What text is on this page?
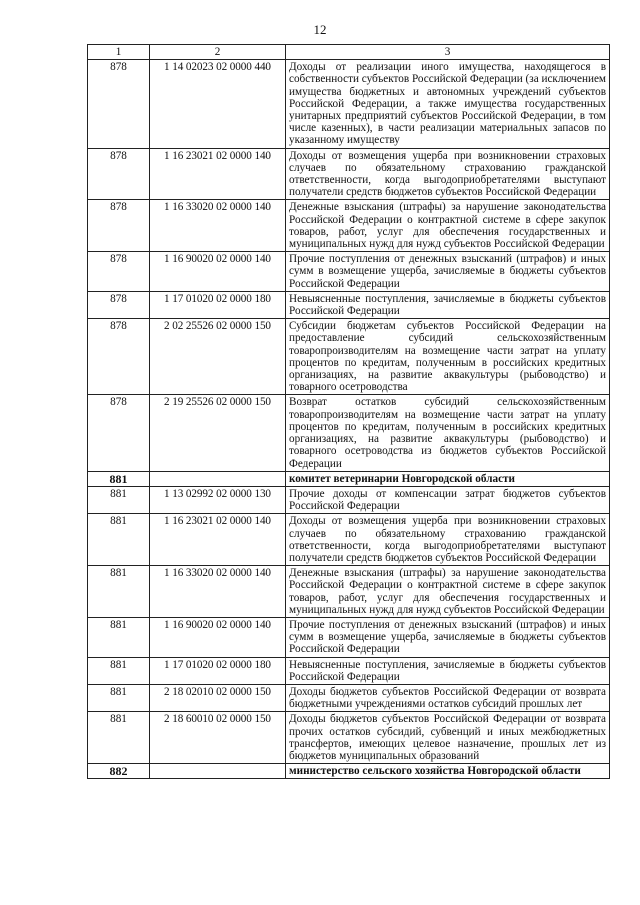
12
1	2	3
878	1 14 02023 02 0000 440	Доходы от реализации иного имущества, находящегося в собственности субъектов Российской Федерации (за исключением имущества бюджетных и автономных учреждений субъектов Российской Федерации, а также имущества государственных унитарных предприятий субъектов Российской Федерации, в том числе казенных), в части реализации материальных запасов по указанному имуществу
878	1 16 23021 02 0000 140	Доходы от возмещения ущерба при возникновении страховых случаев по обязательному страхованию гражданской ответственности, когда выгодоприобретателями выступают получатели средств бюджетов субъектов Российской Федерации
878	1 16 33020 02 0000 140	Денежные взыскания (штрафы) за нарушение законодательства Российской Федерации о контрактной системе в сфере закупок товаров, работ, услуг для обеспечения государственных и муниципальных нужд для нужд субъектов Российской Федерации
878	1 16 90020 02 0000 140	Прочие поступления от денежных взысканий (штрафов) и иных сумм в возмещение ущерба, зачисляемые в бюджеты субъектов Российской Федерации
878	1 17 01020 02 0000 180	Невыясненные поступления, зачисляемые в бюджеты субъектов Российской Федерации
878	2 02 25526 02 0000 150	Субсидии бюджетам субъектов Российской Федерации на предоставление субсидий сельскохозяйственным товаропроизводителям на возмещение части затрат на уплату процентов по кредитам, полученным в российских кредитных организациях, на развитие аквакультуры (рыбоводство) и товарного осетроводства
878	2 19 25526 02 0000 150	Возврат остатков субсидий сельскохозяйственным товаропроизводителям на возмещение части затрат на уплату процентов по кредитам, полученным в российских кредитных организациях, на развитие аквакультуры (рыбоводство) и товарного осетроводства из бюджетов субъектов Российской Федерации
881		комитет ветеринарии Новгородской области
881	1 13 02992 02 0000 130	Прочие доходы от компенсации затрат бюджетов субъектов Российской Федерации
881	1 16 23021 02 0000 140	Доходы от возмещения ущерба при возникновении страховых случаев по обязательному страхованию гражданской ответственности, когда выгодоприобретателями выступают получатели средств бюджетов субъектов Российской Федерации
881	1 16 33020 02 0000 140	Денежные взыскания (штрафы) за нарушение законодательства Российской Федерации о контрактной системе в сфере закупок товаров, работ, услуг для обеспечения государственных и муниципальных нужд для нужд субъектов Российской Федерации
881	1 16 90020 02 0000 140	Прочие поступления от денежных взысканий (штрафов) и иных сумм в возмещение ущерба, зачисляемые в бюджеты субъектов Российской Федерации
881	1 17 01020 02 0000 180	Невыясненные поступления, зачисляемые в бюджеты субъектов Российской Федерации
881	2 18 02010 02 0000 150	Доходы бюджетов субъектов Российской Федерации от возврата бюджетными учреждениями остатков субсидий прошлых лет
881	2 18 60010 02 0000 150	Доходы бюджетов субъектов Российской Федерации от возврата прочих остатков субсидий, субвенций и иных межбюджетных трансфертов, имеющих целевое назначение, прошлых лет из бюджетов муниципальных образований
882		министерство сельского хозяйства Новгородской области
